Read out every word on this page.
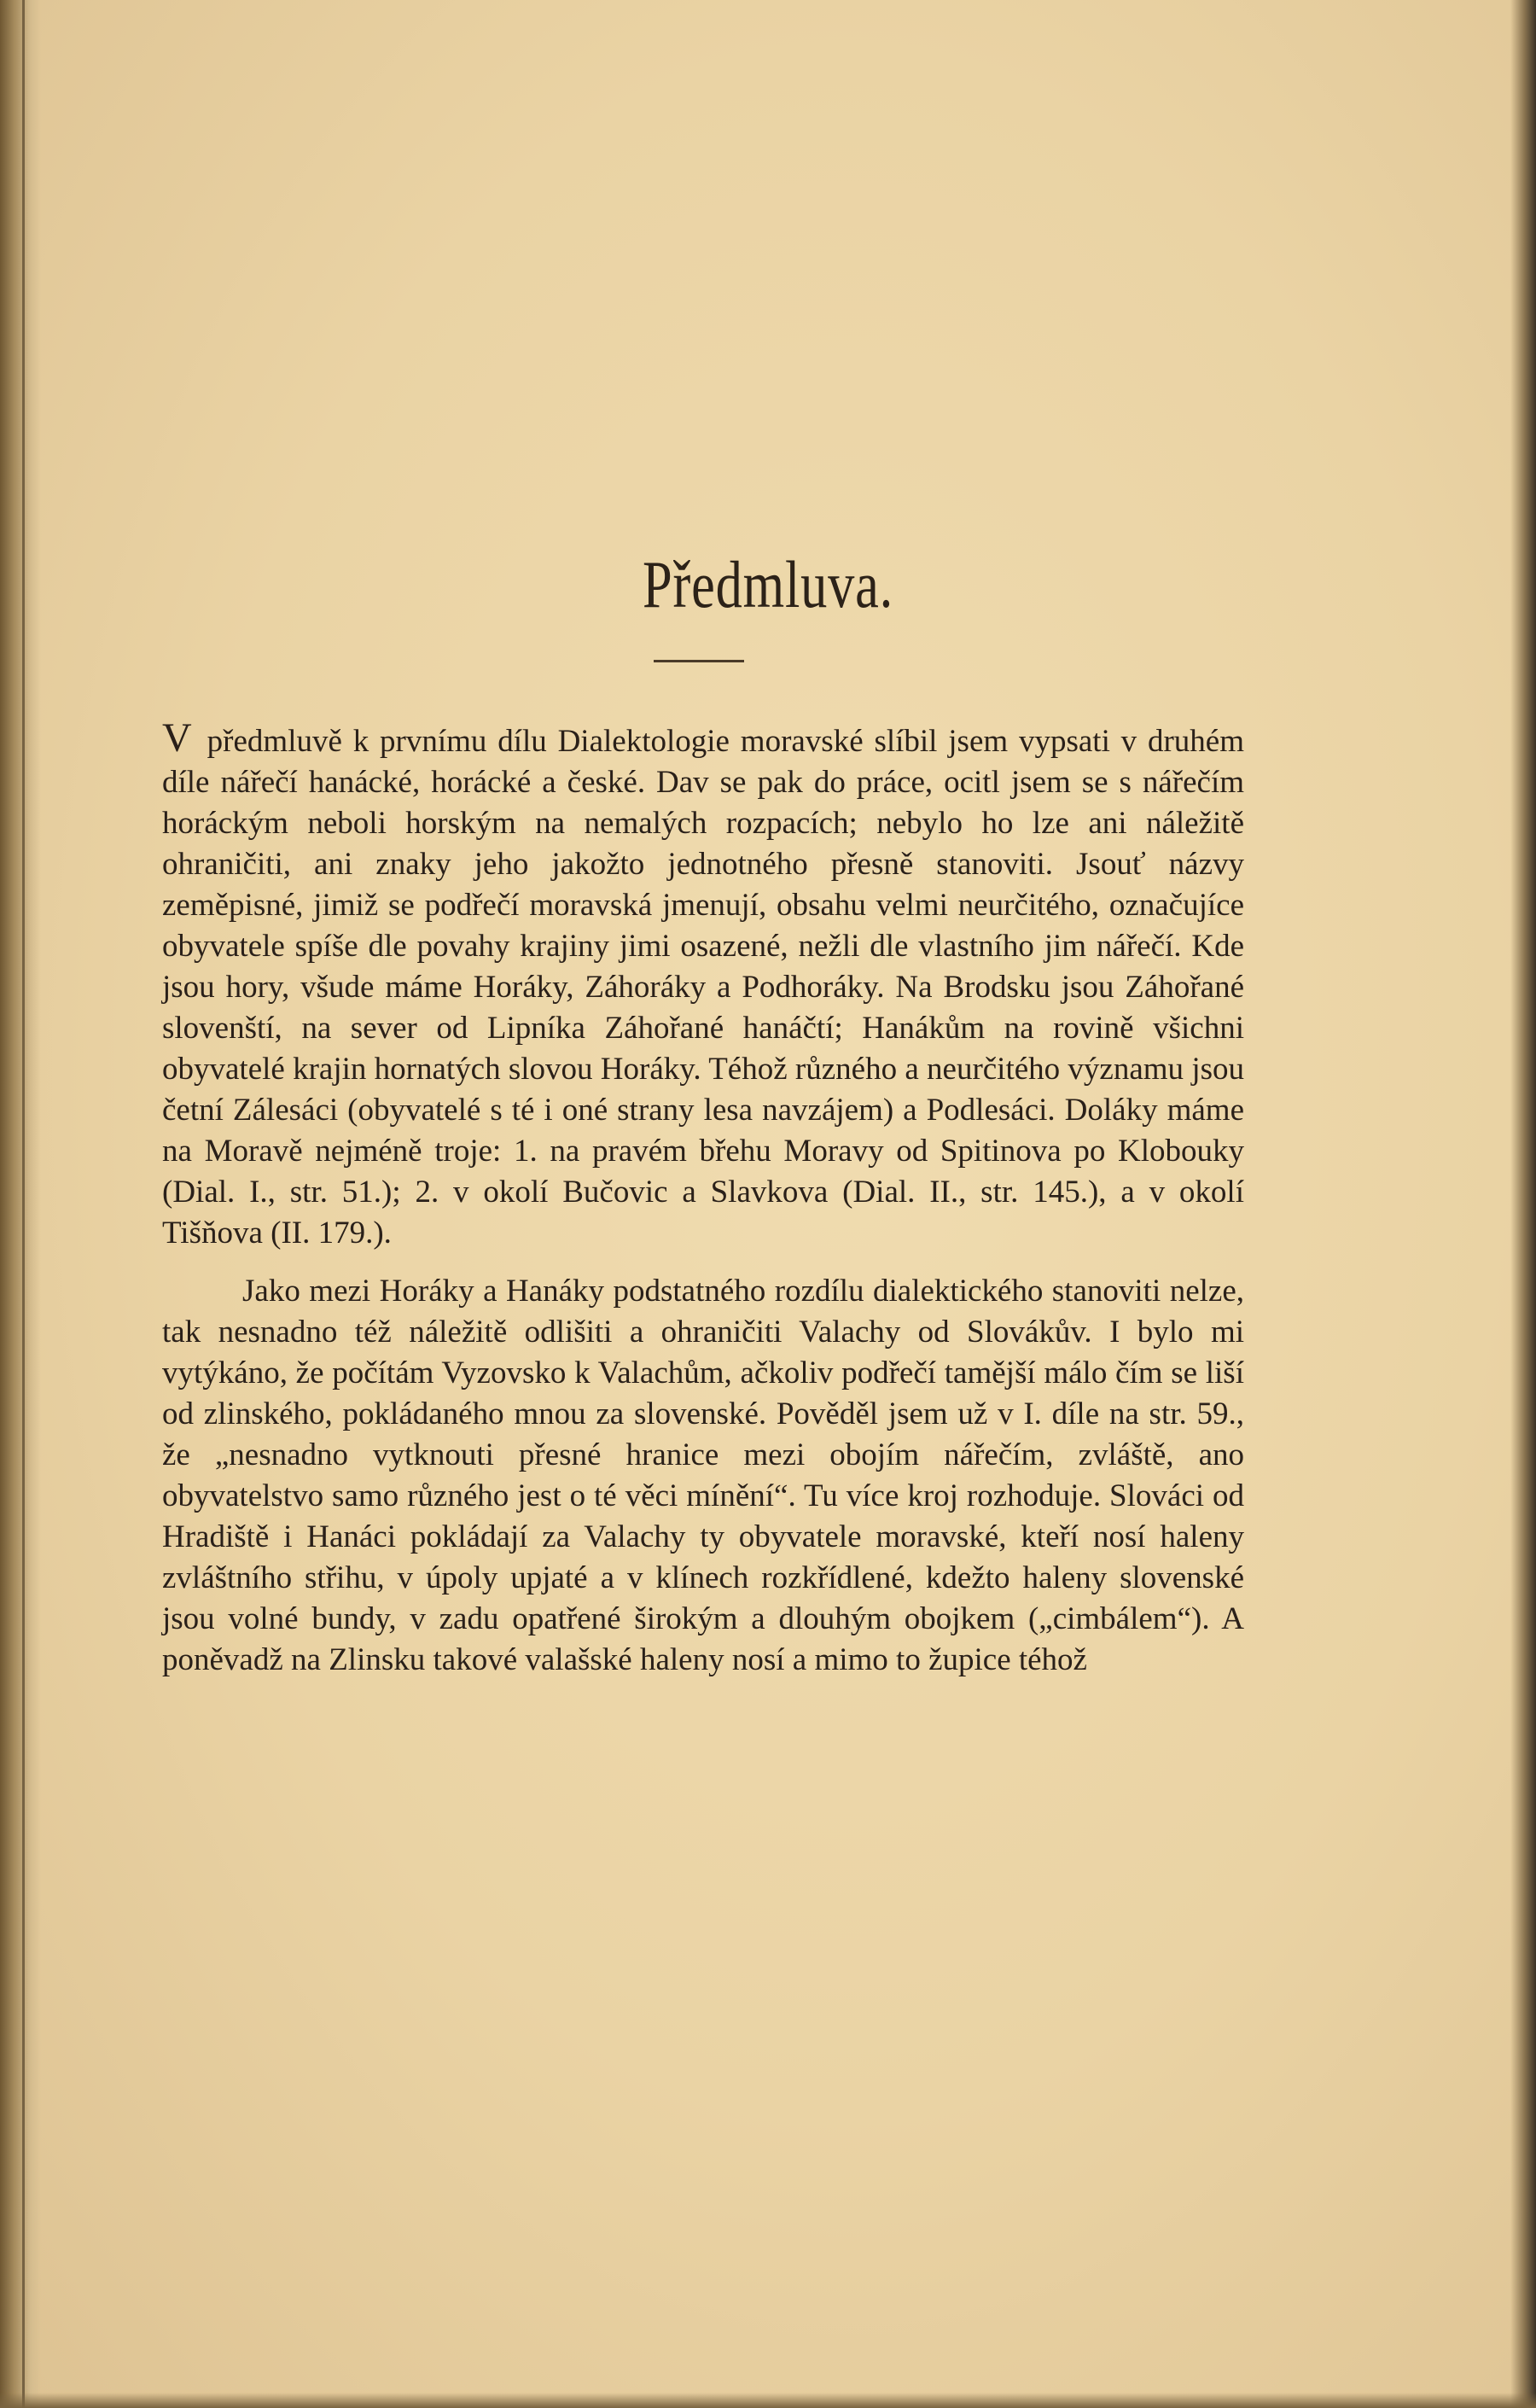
Předmluva.

V předmluvě k prvnímu dílu Dialektologie moravské slíbil jsem vypsati v druhém díle nářečí hanácké, horácké a české. Dav se pak do práce, ocitl jsem se s nářečím horáckým neboli horským na nemalých rozpacích; nebylo ho lze ani náležitě ohraničiti, ani znaky jeho jakožto jednotného přesně stanoviti. Jsouť názvy zeměpisné, jimiž se podřečí moravská jmenují, obsahu velmi neurčitého, označujíce obyvatele spíše dle povahy krajiny jimi osazené, nežli dle vlastního jim nářečí. Kde jsou hory, všude máme Horáky, Záhoráky a Podhoráky. Na Brodsku jsou Záhořané slovenští, na sever od Lipníka Záhořané hanáčtí; Hanákům na rovině všichni obyvatelé krajin hornatých slovou Horáky. Téhož různého a neurčitého významu jsou četní Zálesáci (obyvatelé s té i oné strany lesa navzájem) a Podlesáci. Doláky máme na Moravě nejméně troje: 1. na pravém břehu Moravy od Spitinova po Klobouky (Dial. I., str. 51.); 2. v okolí Bučovic a Slavkova (Dial. II., str. 145.), a v okolí Tišňova (II. 179.).

Jako mezi Horáky a Hanáky podstatného rozdílu dialektického stanoviti nelze, tak nesnadno též náležitě odlišiti a ohraničiti Valachy od Slovákův. I bylo mi vytýkáno, že počítám Vyzovsko k Valachům, ačkoliv podřečí tamější málo čím se liší od zlinského, pokládaného mnou za slovenské. Pověděl jsem už v I. díle na str. 59., že „nesnadno vytknouti přesné hranice mezi obojím nářečím, zvláště, ano obyvatelstvo samo různého jest o té věci mínění“. Tu více kroj rozhoduje. Slováci od Hradiště i Hanáci pokládají za Valachy ty obyvatele moravské, kteří nosí haleny zvláštního střihu, v úpoly upjaté a v klínech rozkřídlené, kdežto haleny slovenské jsou volné bundy, v zadu opatřené širokým a dlouhým obojkem („cimbálem“). A poněvadž na Zlinsku takové valašské haleny nosí a mimo to župice téhož
